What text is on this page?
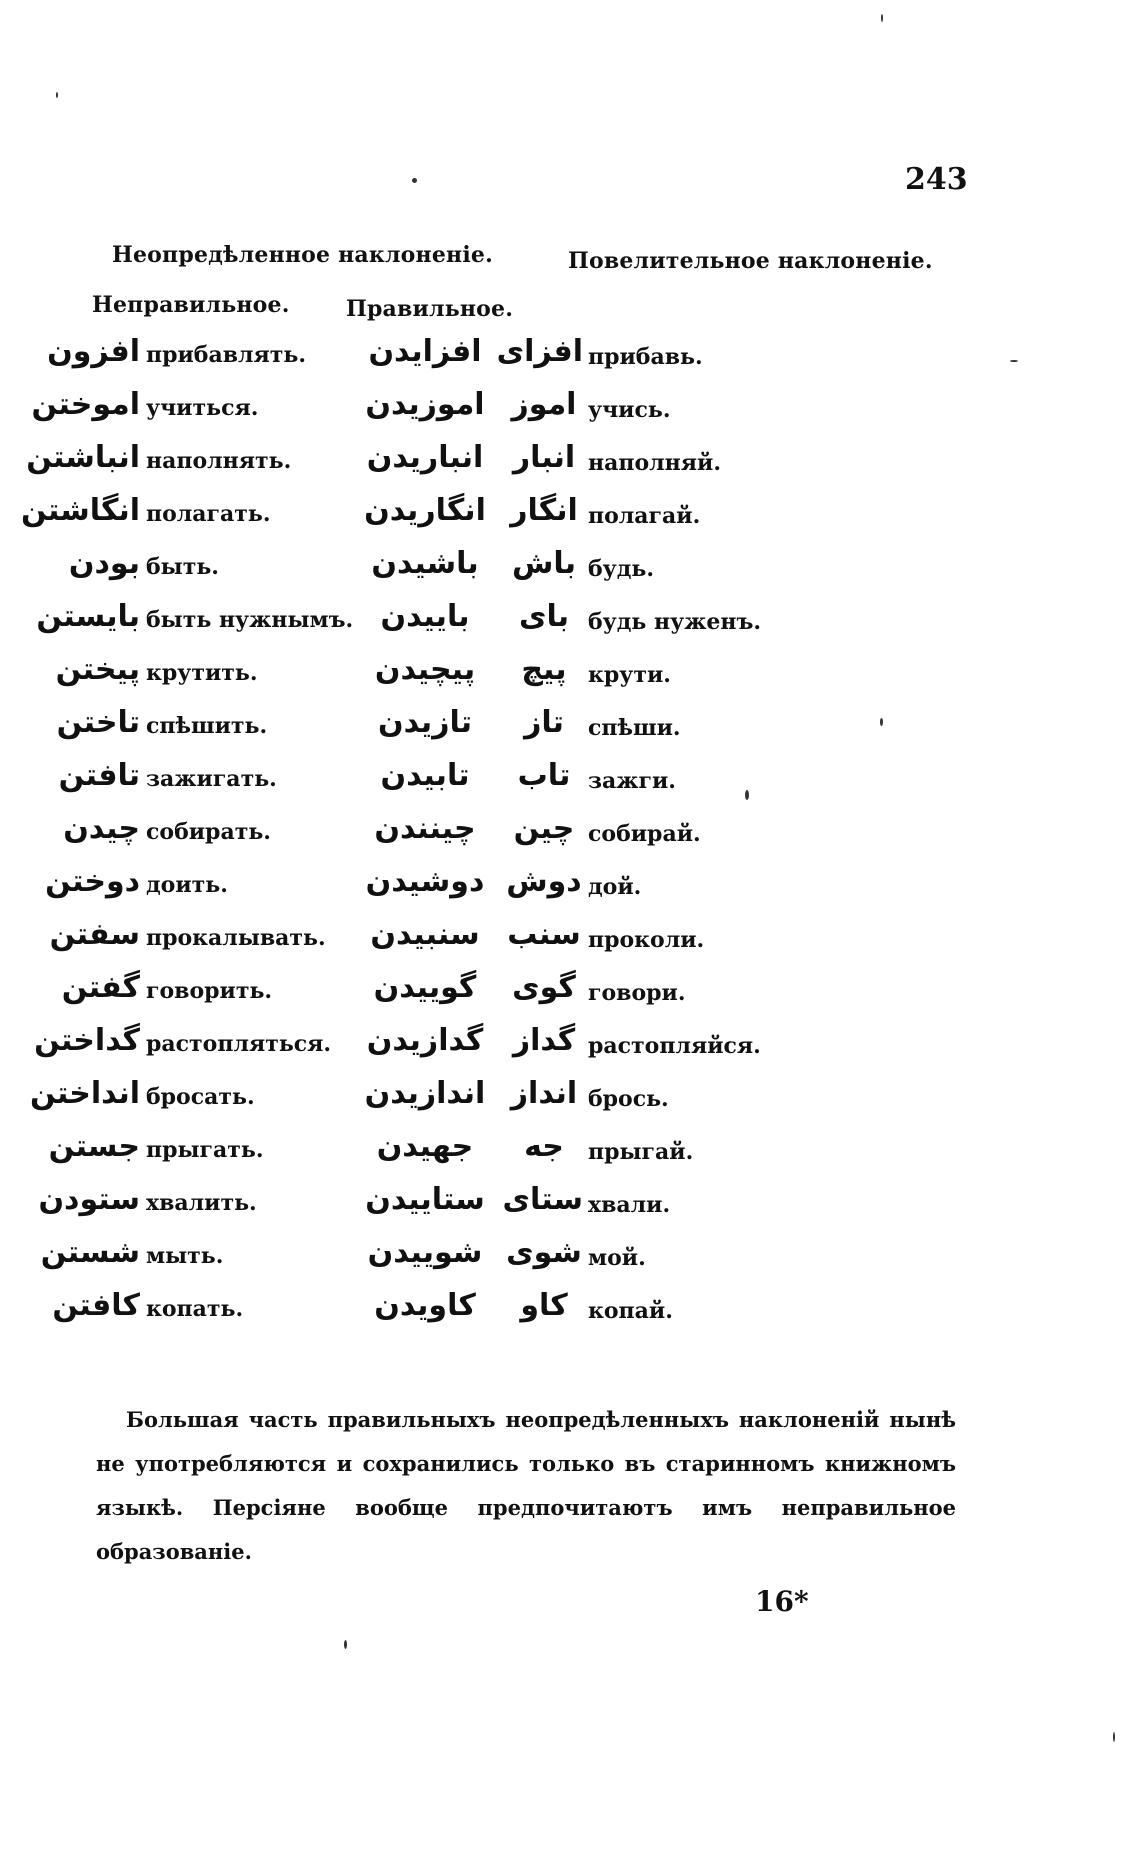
243
Неопредѣленное наклоненіе.	Повелительное наклоненіе.
Неправильное.	Правильное.
افزون прибавлять.	افزایدن افزای прибавь.
اموختن учиться.	اموزیدن اموز учись.
انباشتن наполнять.	انباریدن انبار наполняй.
انگاشتن полагать.	انگاریدن انگار полагай.
بودن быть.	باشیدن	باش будь.
بایستن быть нужнымъ. باییدن	بای будь нуженъ.
پیختن крутить.	پیچیدن	پیچ крути.
تاختن спѣшить.	تازیدن	تاز	спѣши.
تافتن зажигать.	تابیدن	تاب зажги.
چیدن собирать.	چینندن	چین собирай.
دوختن доить.	دوشیدن دوش дой.
سفتن прокалывать.	سنبیدن سنب проколи.
گفتن говорить.	گوییدن	گوی говори.
گداختن растопляться.	گدازیدن گداز растопляйся.
انداختن бросать.	اندازیدن انداز брось.
جستن прыгать.	جهیدن	جه	прыгай.
ستودن хвалить.	ستاییدن ستای хвали.
شستن мыть.	شوییدن شوی мой.
کافتن копать.	کاویدن	کاو копай.
Большая часть правильныхъ неопредѣленныхъ наклоненій нынѣ не употребляются и сохранились только въ старинномъ книжномъ языкѣ. Персіяне вообще предпочитаютъ имъ неправильное образованіе.
16*
